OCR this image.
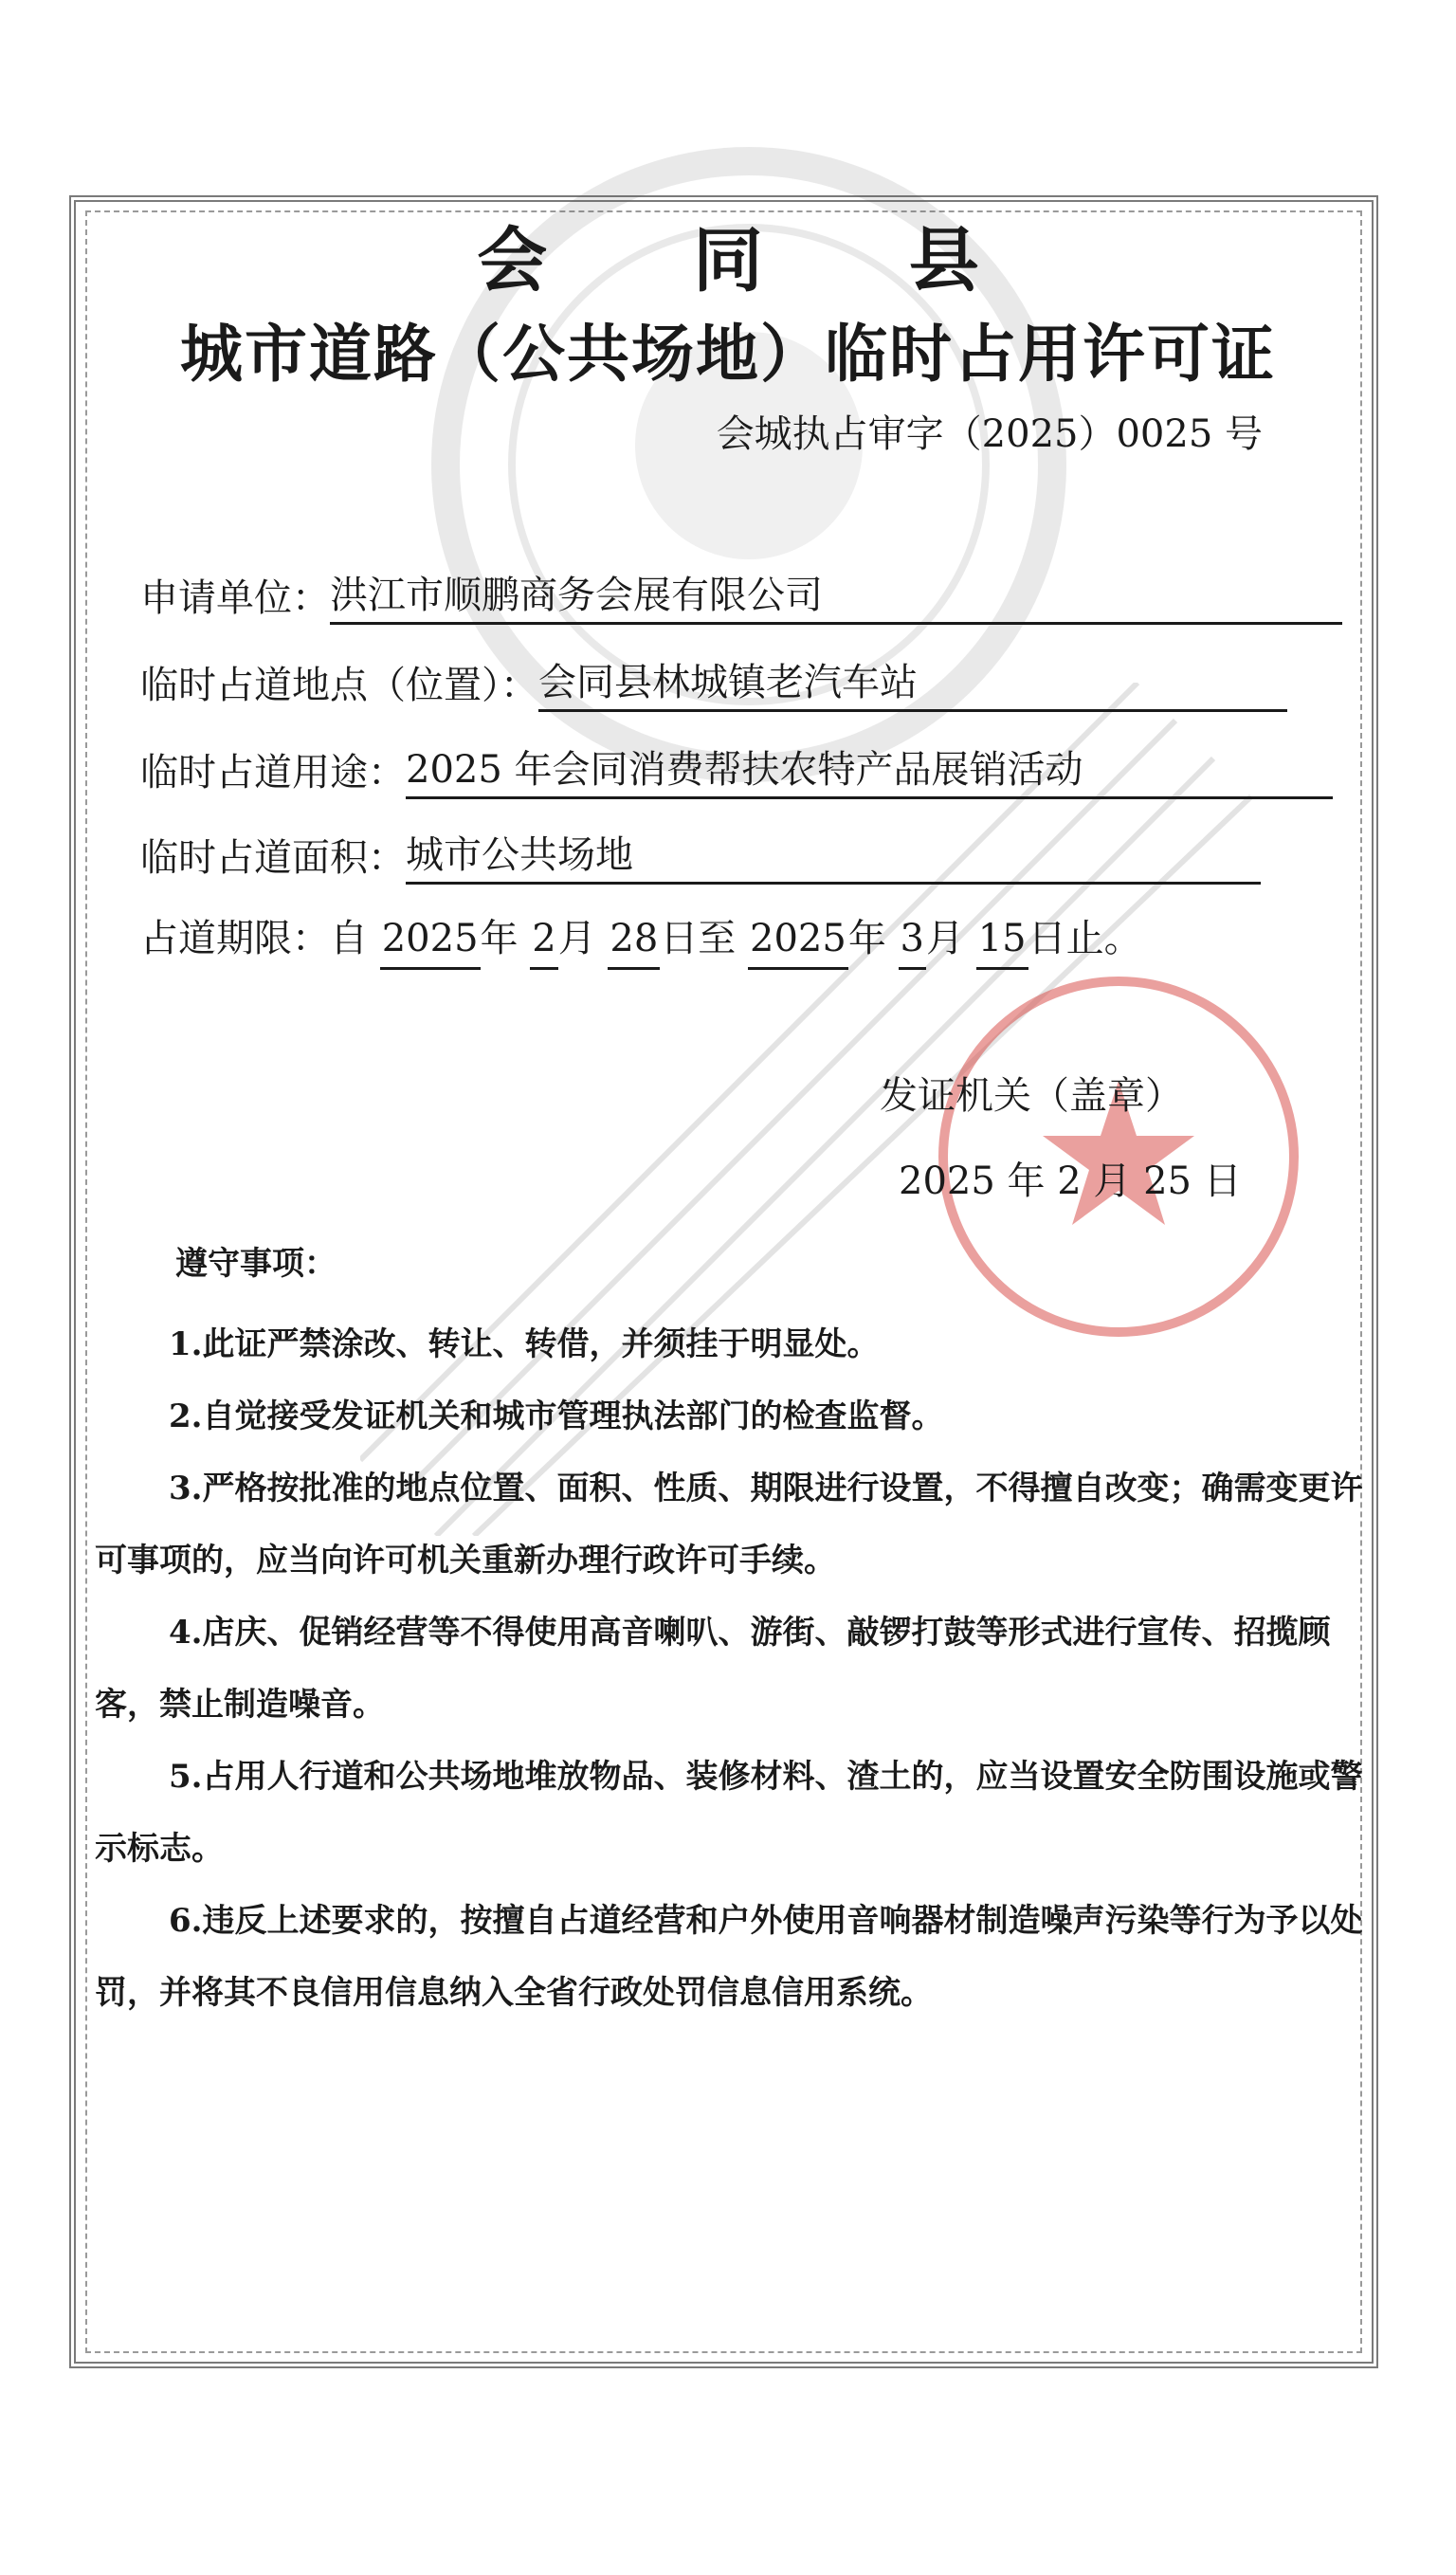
会 同 县
城市道路（公共场地）临时占用许可证
会城执占审字（2025）0025 号
申请单位： 洪江市顺鹏商务会展有限公司
临时占道地点（位置）： 会同县林城镇老汽车站
临时占道用途： 2025 年会同消费帮扶农特产品展销活动
临时占道面积： 城市公共场地
占道期限：自 2025年 2月 28日至 2025年 3月 15日止。
发证机关（盖章）
2025 年 2 月 25 日
遵守事项：

1.此证严禁涂改、转让、转借，并须挂于明显处。

2.自觉接受发证机关和城市管理执法部门的检查监督。

3.严格按批准的地点位置、面积、性质、期限进行设置，不得擅自改变；确需变更许可事项的，应当向许可机关重新办理行政许可手续。

4.店庆、促销经营等不得使用高音喇叭、游街、敲锣打鼓等形式进行宣传、招揽顾客，禁止制造噪音。

5.占用人行道和公共场地堆放物品、装修材料、渣土的，应当设置安全防围设施或警示标志。

6.违反上述要求的，按擅自占道经营和户外使用音响器材制造噪声污染等行为予以处罚，并将其不良信用信息纳入全省行政处罚信息信用系统。
